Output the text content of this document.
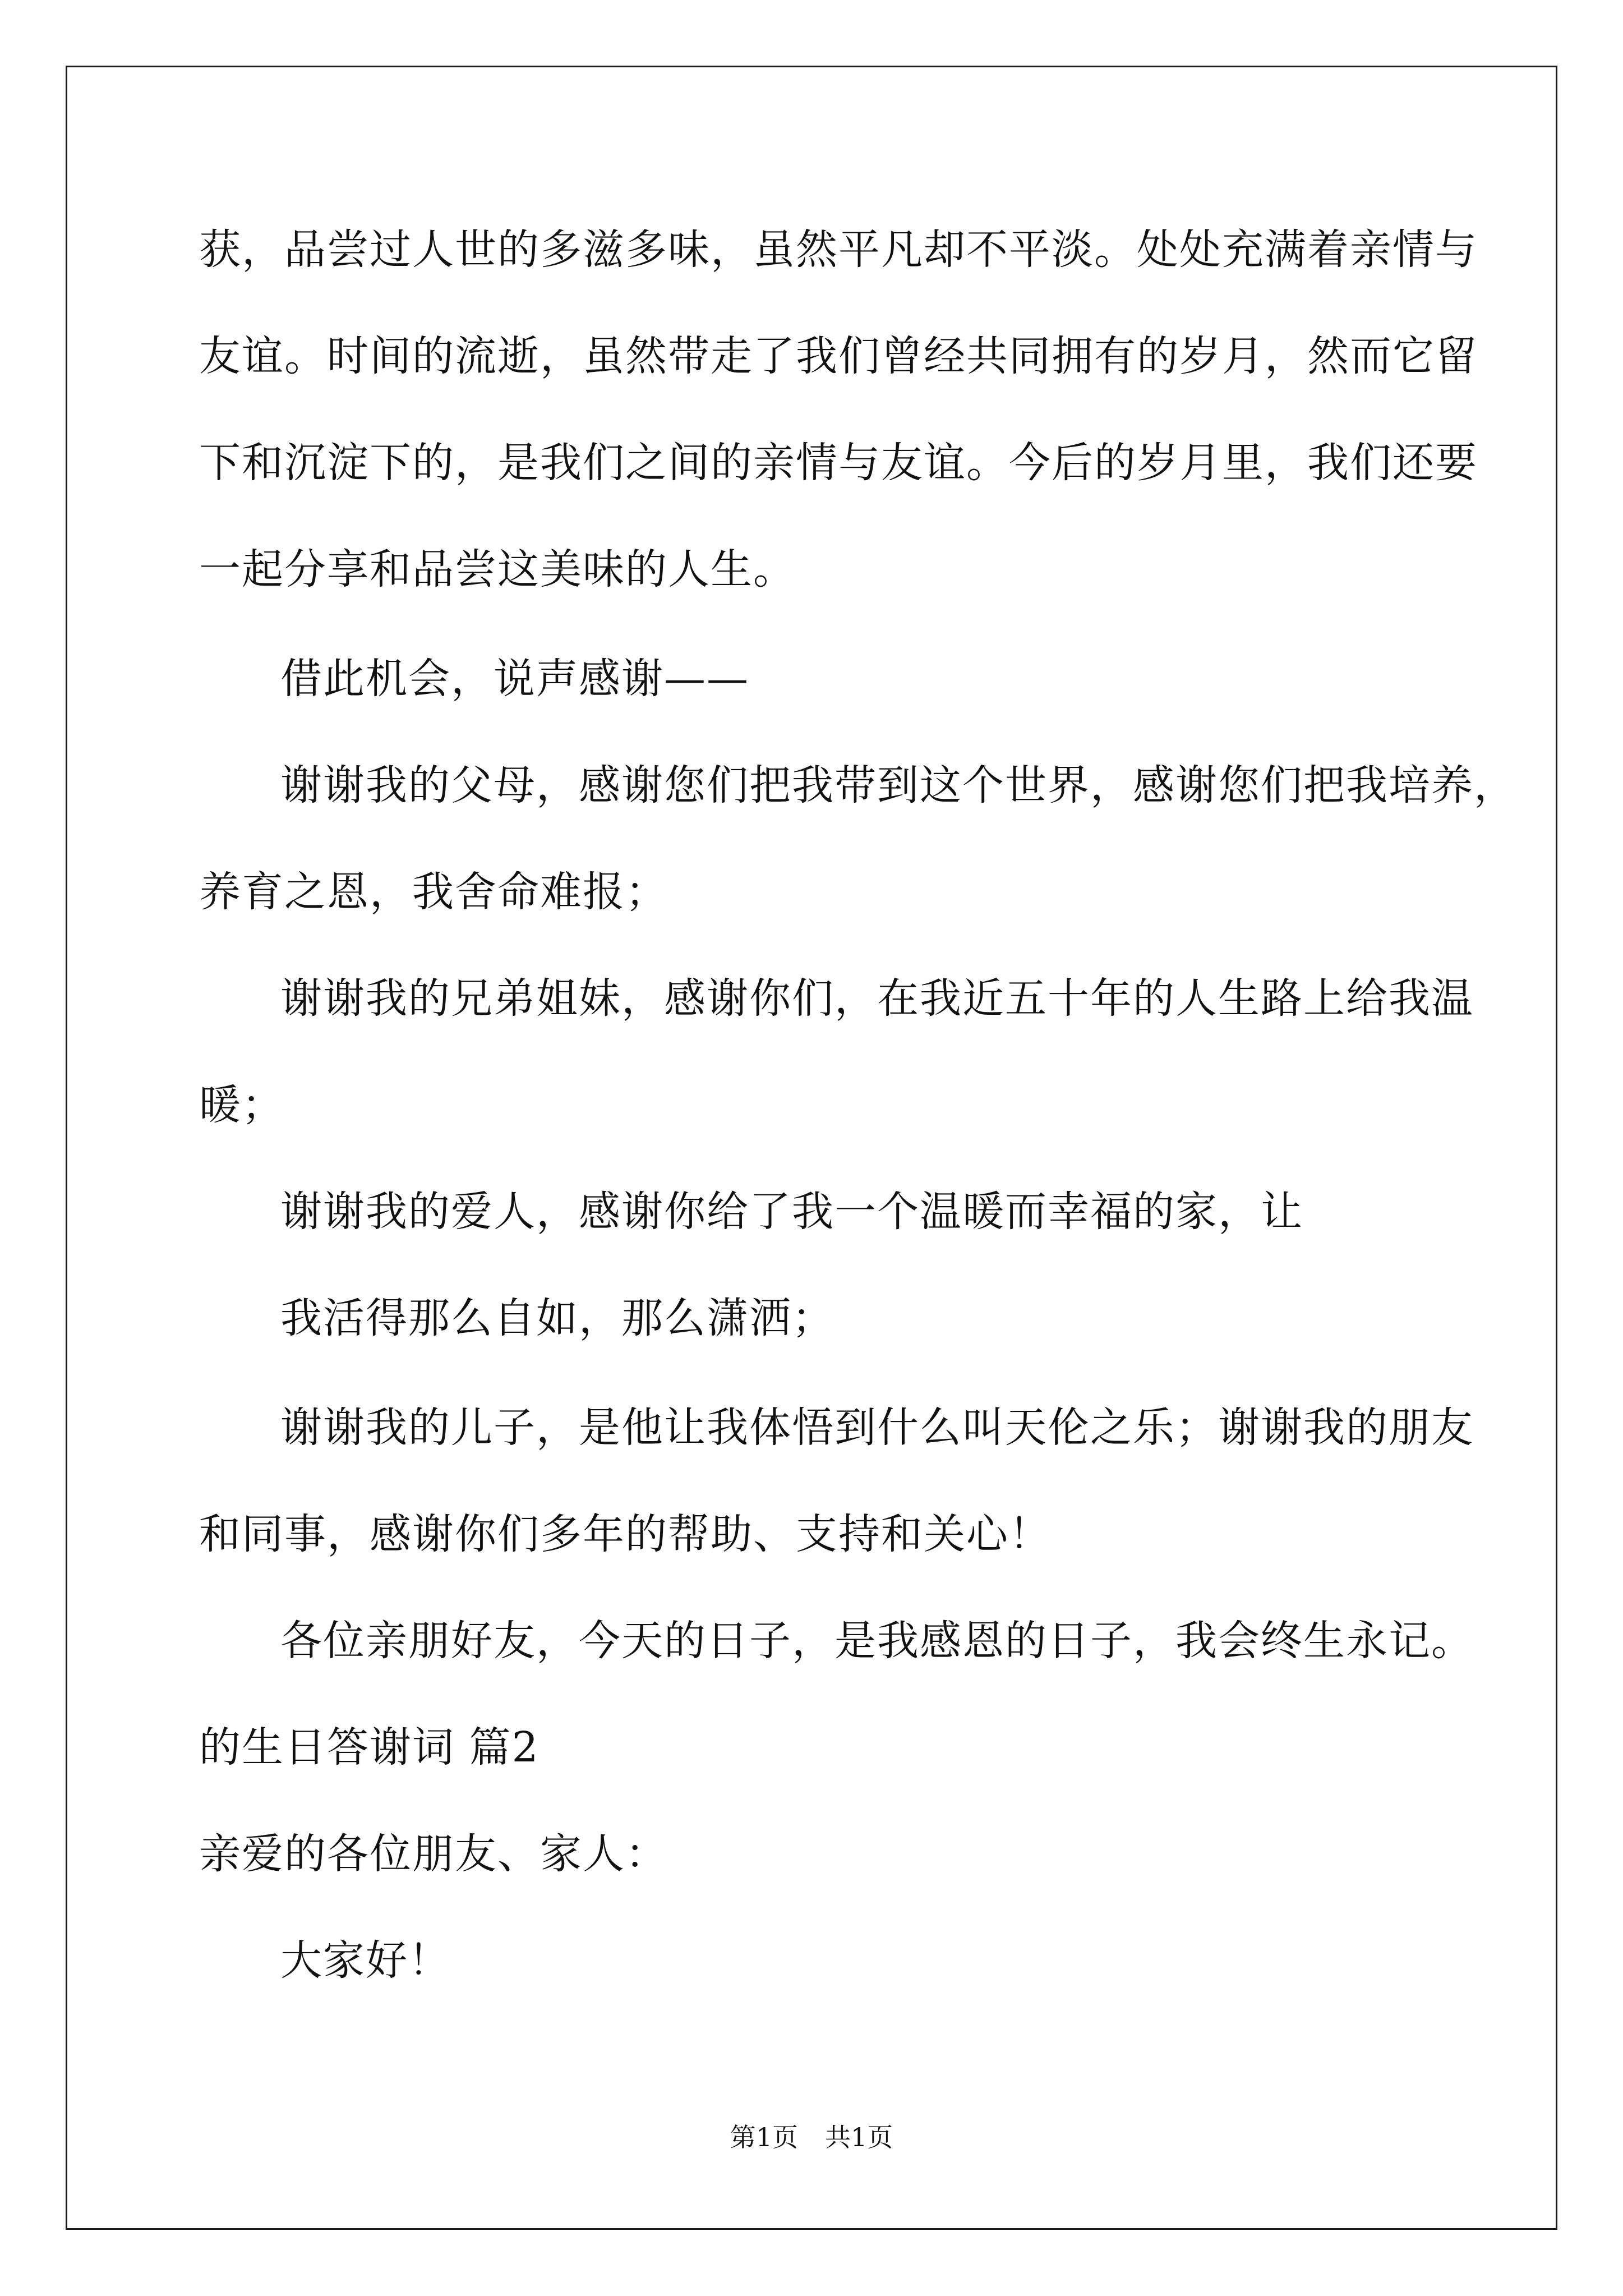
获，品尝过人世的多滋多味，虽然平凡却不平淡。处处充满着亲情与
友谊。时间的流逝，虽然带走了我们曾经共同拥有的岁月，然而它留
下和沉淀下的，是我们之间的亲情与友谊。今后的岁月里，我们还要
一起分享和品尝这美味的人生。
借此机会，说声感谢——
谢谢我的父母，感谢您们把我带到这个世界，感谢您们把我培养，
养育之恩，我舍命难报；
谢谢我的兄弟姐妹，感谢你们，在我近五十年的人生路上给我温
暖；
谢谢我的爱人，感谢你给了我一个温暖而幸福的家，让
我活得那么自如，那么潇洒；
谢谢我的儿子，是他让我体悟到什么叫天伦之乐；谢谢我的朋友
和同事，感谢你们多年的帮助、支持和关心！
各位亲朋好友，今天的日子，是我感恩的日子，我会终生永记。
的生日答谢词 篇2
亲爱的各位朋友、家人：
大家好！
第1页 共1页
